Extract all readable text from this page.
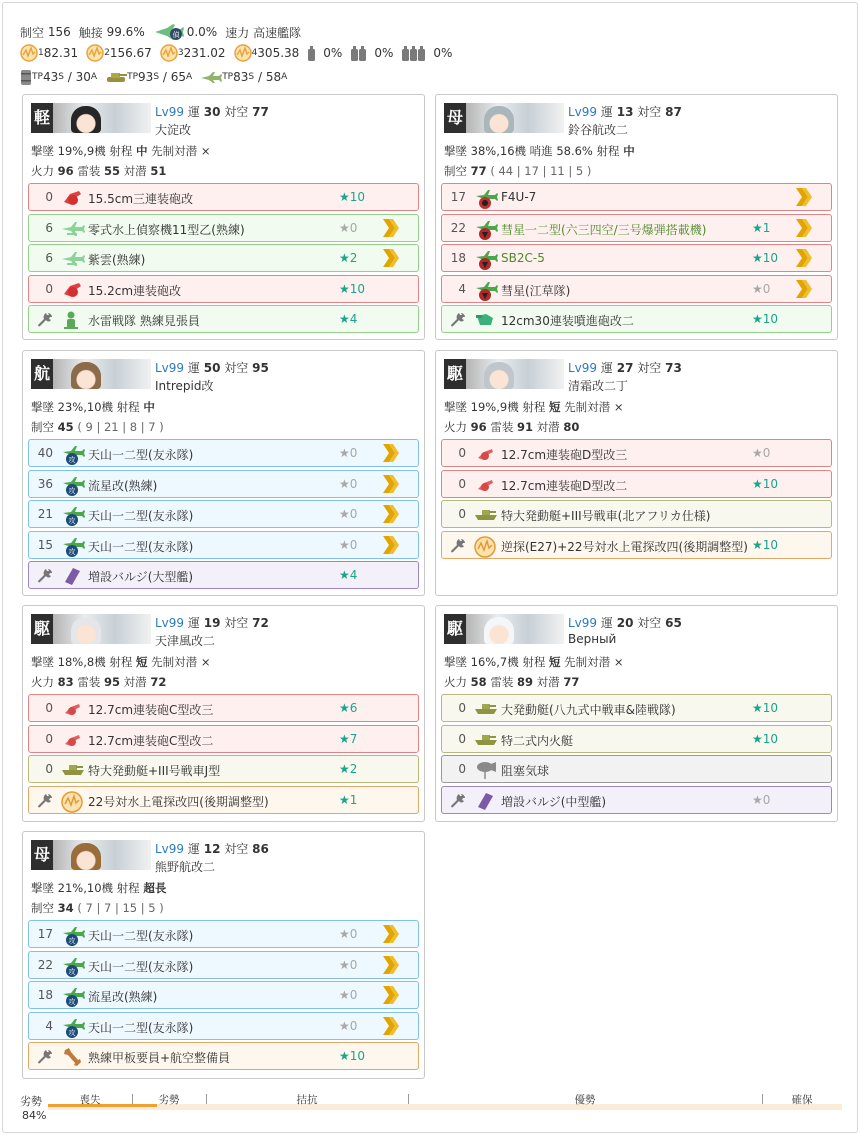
制空
156 触接
99.6%	偵 0.0% 速力
高速艦隊
1 82.31	2 156.67	3 231.02	4 305.38 0%	0%	0%
TP 43 S
/
30 A	TP 93 S
/
65 A	TP 83 S
/
58 A
軽	Lv99 運 30 対空 77
大淀改
撃墜 19%,9機 射程 中 先制対潜 ×
火力 96 雷装 55 対潜 51
0	15.5cm三連装砲改	★10
6	零式水上偵察機11型乙(熟練)	★0
6	紫雲(熟練)	★2
0	15.2cm連装砲改	★10
水雷戦隊 熟練見張員	★4
母	Lv99 運 13 対空 87
鈴谷航改二
撃墜 38%,16機 哨進 58.6% 射程 中
制空 77 ( 44 | 17 | 11 | 5 )
17	F4U-7
22	彗星一二型(六三四空/三号爆弾搭載機)	★1
18	SB2C-5	★10
4	彗星(江草隊)	★0
12cm30連装噴進砲改二	★10
航	Lv99 運 50 対空 95
Intrepid改
撃墜 23%,10機 射程 中
制空 45 ( 9 | 21 | 8 | 7 )
40 攻 天山一二型(友永隊)	★0
36 攻 流星改(熟練)	★0
21 攻 天山一二型(友永隊)	★0
15 攻 天山一二型(友永隊)	★0
増設バルジ(大型艦)	★4
駆	Lv99 運 27 対空 73
清霜改二丁
撃墜 19%,9機 射程 短 先制対潜 ×
火力 96 雷装 91 対潜 80
0	12.7cm連装砲D型改三	★0
0	12.7cm連装砲D型改二	★10
0	特大発動艇+III号戦車(北アフリカ仕様)
逆探(E27)+22号対水上電探改四(後期調整型) ★10
駆	Lv99 運 19 対空 72
天津風改二
撃墜 18%,8機 射程 短 先制対潜 ×
火力 83 雷装 95 対潜 72
0	12.7cm連装砲C型改三	★6
0	12.7cm連装砲C型改二	★7
0	特大発動艇+III号戦車J型	★2
22号対水上電探改四(後期調整型)	★1
駆	Lv99 運 20 対空 65
Верный
撃墜 16%,7機 射程 短 先制対潜 ×
火力 58 雷装 89 対潜 77
0	大発動艇(八九式中戦車&陸戦隊)	★10
0	特二式内火艇	★10
0	阻塞気球
増設バルジ(中型艦)	★0
母	Lv99 運 12 対空 86
熊野航改二
撃墜 21%,10機 射程 超長
制空 34 ( 7 | 7 | 15 | 5 )
17 攻 天山一二型(友永隊)	★0
22 攻 天山一二型(友永隊)	★0
18 攻 流星改(熟練)	★0
4 攻 天山一二型(友永隊)	★0
熟練甲板要員+航空整備員	★10
劣勢
84%
喪失	劣勢	拮抗	優勢	確保
